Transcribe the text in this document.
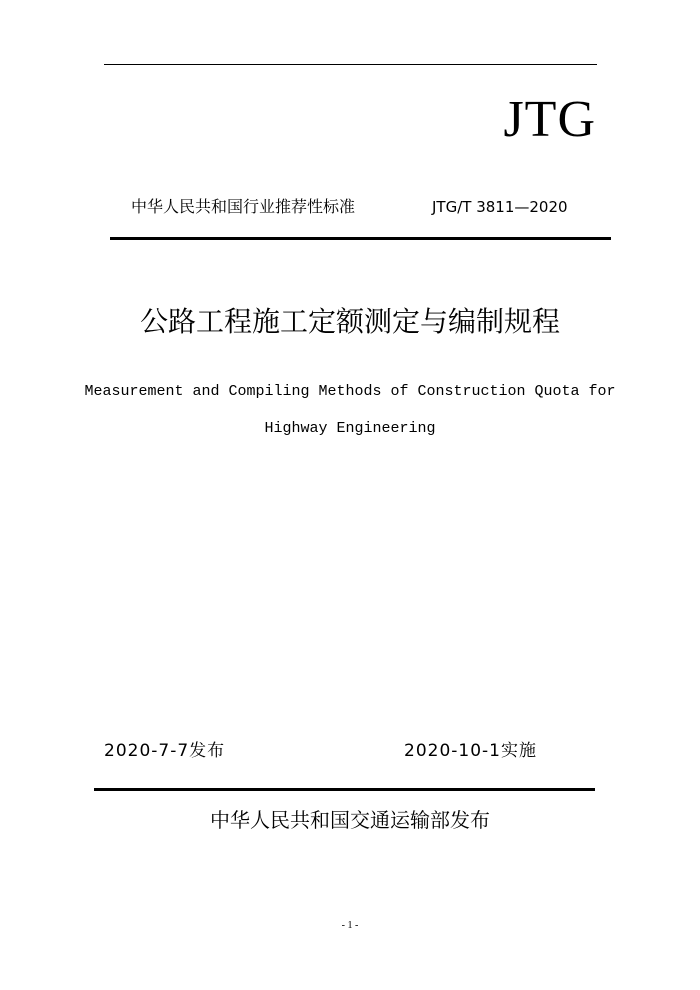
JTG
中华人民共和国行业推荐性标准	JTG/T 3811—2020
公路工程施工定额测定与编制规程
Measurement and Compiling Methods of Construction Quota for
Highway Engineering
2020-7-7发布	2020-10-1实施
中华人民共和国交通运输部发布
- 1 -
